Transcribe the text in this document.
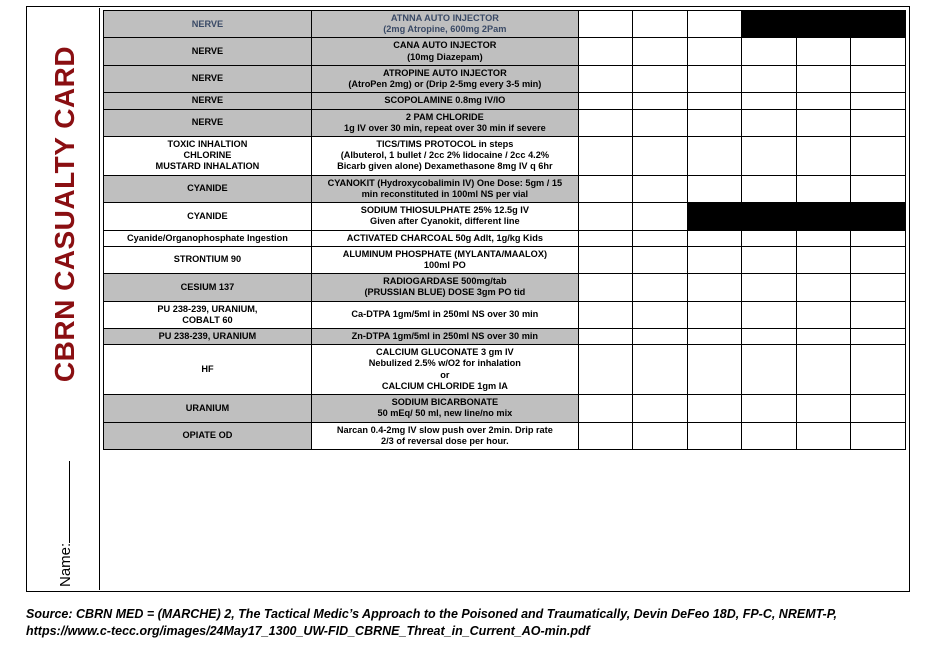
CBRN CASUALTY CARD
Name:
NERVE	ATNNA AUTO INJECTOR
(2mg Atropine, 600mg 2Pam						
NERVE	CANA AUTO INJECTOR
(10mg Diazepam)						
NERVE	ATROPINE AUTO INJECTOR
(AtroPen 2mg) or (Drip 2-5mg every 3-5 min)						
NERVE	SCOPOLAMINE 0.8mg IV/IO						
NERVE	2 PAM CHLORIDE
1g IV over 30 min, repeat over 30 min if severe						
TOXIC INHALTION
CHLORINE
MUSTARD INHALATION	TICS/TIMS PROTOCOL in steps
(Albuterol, 1 bullet / 2cc 2% lidocaine / 2cc 4.2%
Bicarb given alone) Dexamethasone 8mg IV q 6hr						
CYANIDE	CYANOKIT (Hydroxycobalimin IV) One Dose: 5gm / 15
min reconstituted in 100ml NS per vial						
CYANIDE	SODIUM THIOSULPHATE 25% 12.5g IV
Given after Cyanokit, different line						
Cyanide/Organophosphate Ingestion	ACTIVATED CHARCOAL 50g Adlt, 1g/kg Kids						
STRONTIUM 90	ALUMINUM PHOSPHATE (MYLANTA/MAALOX)
100ml PO						
CESIUM 137	RADIOGARDASE 500mg/tab
(PRUSSIAN BLUE) DOSE 3gm PO tid						
PU 238-239, URANIUM,
COBALT 60	Ca-DTPA 1gm/5ml in 250ml NS over 30 min						
PU 238-239, URANIUM	Zn-DTPA 1gm/5ml in 250ml NS over 30 min						
HF	CALCIUM GLUCONATE 3 gm IV
Nebulized 2.5% w/O2 for inhalation
or
CALCIUM CHLORIDE 1gm IA						
URANIUM	SODIUM BICARBONATE
50 mEq/ 50 ml, new line/no mix						
OPIATE OD	Narcan 0.4-2mg IV slow push over 2min. Drip rate
2/3 of reversal dose per hour.						
Source: CBRN MED = (MARCHE) 2, The Tactical Medic’s Approach to the Poisoned and Traumatically, Devin DeFeo 18D, FP-C, NREMT-P, https://www.c-tecc.org/images/24May17_1300_UW-FID_CBRNE_Threat_in_Current_AO-min.pdf
